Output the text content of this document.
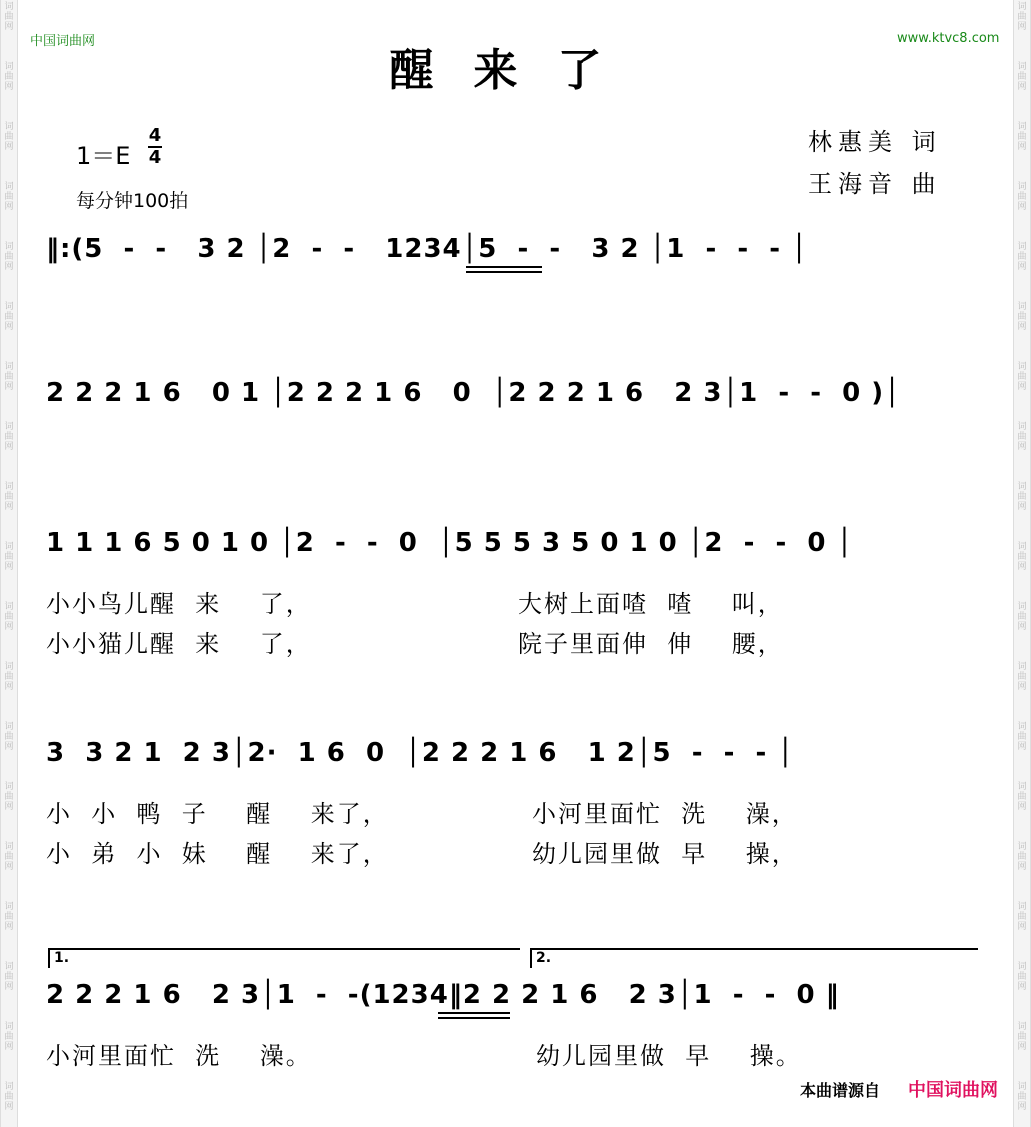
词
曲
网
词
曲
网
词
曲
网
词
曲
网
词
曲
网
词
曲
网
词
曲
网
词
曲
网
词
曲
网
词
曲
网
词
曲
网
词
曲
网
词
曲
网
词
曲
网
词
曲
网
词
曲
网
词
曲
网
词
曲
网
词
曲
网
词
曲
网
词
曲
网
词
曲
网
词
曲
网
词
曲
网
词
曲
网
词
曲
网
词
曲
网
词
曲
网
词
曲
网
词
曲
网
词
曲
网
词
曲
网
词
曲
网
词
曲
网
词
曲
网
词
曲
网
词
曲
网
词
曲
网
中国词曲网	www.ktvc8.com
醒来了
1＝E
4
4
每分钟100拍
林惠美 词
王海音 曲
‖:(5  -  -   3 2 │2  -  -   1234│5  -  -   3 2 │1  -  -  - │
2 2 2 1 6   0 1 │2 2 2 1 6   0  │2 2 2 1 6   2 3│1  -  -  0 )│
1 1 1 6 5 0 1 0 │2  -  -  0  │5 5 5 3 5 0 1 0 │2  -  -  0 │
小小鸟儿醒  来    了，	大树上面喳  喳    叫，
小小猫儿醒  来    了，	院子里面伸  伸    腰，
3  3 2 1  2 3│2·  1 6  0  │2 2 2 1 6   1 2│5  -  -  - │
小  小  鸭  子    醒    来了，	小河里面忙  洗    澡，
小  弟  小  妹    醒    来了，	幼儿园里做  早    操，
1.	2.
2 2 2 1 6   2 3│1  -  -(1234‖2 2 2 1 6   2 3│1  -  -  0 ‖
小河里面忙  洗    澡。	幼儿园里做  早    操。
本曲谱源自 中国词曲网
